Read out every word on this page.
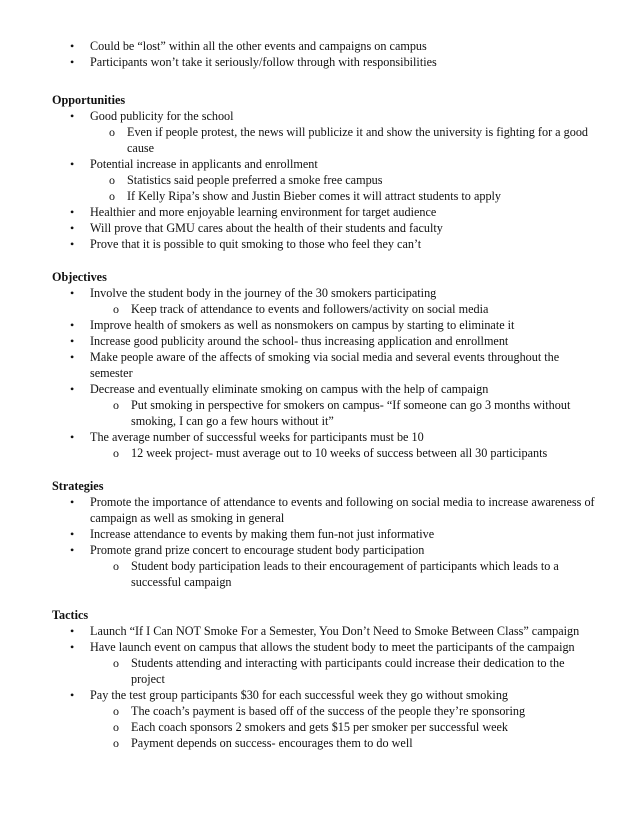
• Could be “lost” within all the other events and campaigns on campus
• Participants won’t take it seriously/follow through with responsibilities
Opportunities
• Good publicity for the school
o Even if people protest, the news will publicize it and show the university is fighting for a good cause
• Potential increase in applicants and enrollment
o Statistics said people preferred a smoke free campus
o If Kelly Ripa’s show and Justin Bieber comes it will attract students to apply
• Healthier and more enjoyable learning environment for target audience
• Will prove that GMU cares about the health of their students and faculty
• Prove that it is possible to quit smoking to those who feel they can’t
Objectives
• Involve the student body in the journey of the 30 smokers participating
o Keep track of attendance to events and followers/activity on social media
• Improve health of smokers as well as nonsmokers on campus by starting to eliminate it
• Increase good publicity around the school- thus increasing application and enrollment
• Make people aware of the affects of smoking via social media and several events throughout the semester
• Decrease and eventually eliminate smoking on campus with the help of campaign
o Put smoking in perspective for smokers on campus- “If someone can go 3 months without smoking, I can go a few hours without it”
• The average number of successful weeks for participants must be 10
o 12 week project- must average out to 10 weeks of success between all 30 participants
Strategies
• Promote the importance of attendance to events and following on social media to increase awareness of campaign as well as smoking in general
• Increase attendance to events by making them fun-not just informative
• Promote grand prize concert to encourage student body participation
o Student body participation leads to their encouragement of participants which leads to a successful campaign
Tactics
• Launch “If I Can NOT Smoke For a Semester, You Don’t Need to Smoke Between Class” campaign
• Have launch event on campus that allows the student body to meet the participants of the campaign
o Students attending and interacting with participants could increase their dedication to the project
• Pay the test group participants $30 for each successful week they go without smoking
o The coach’s payment is based off of the success of the people they’re sponsoring
o Each coach sponsors 2 smokers and gets $15 per smoker per successful week
o Payment depends on success- encourages them to do well
